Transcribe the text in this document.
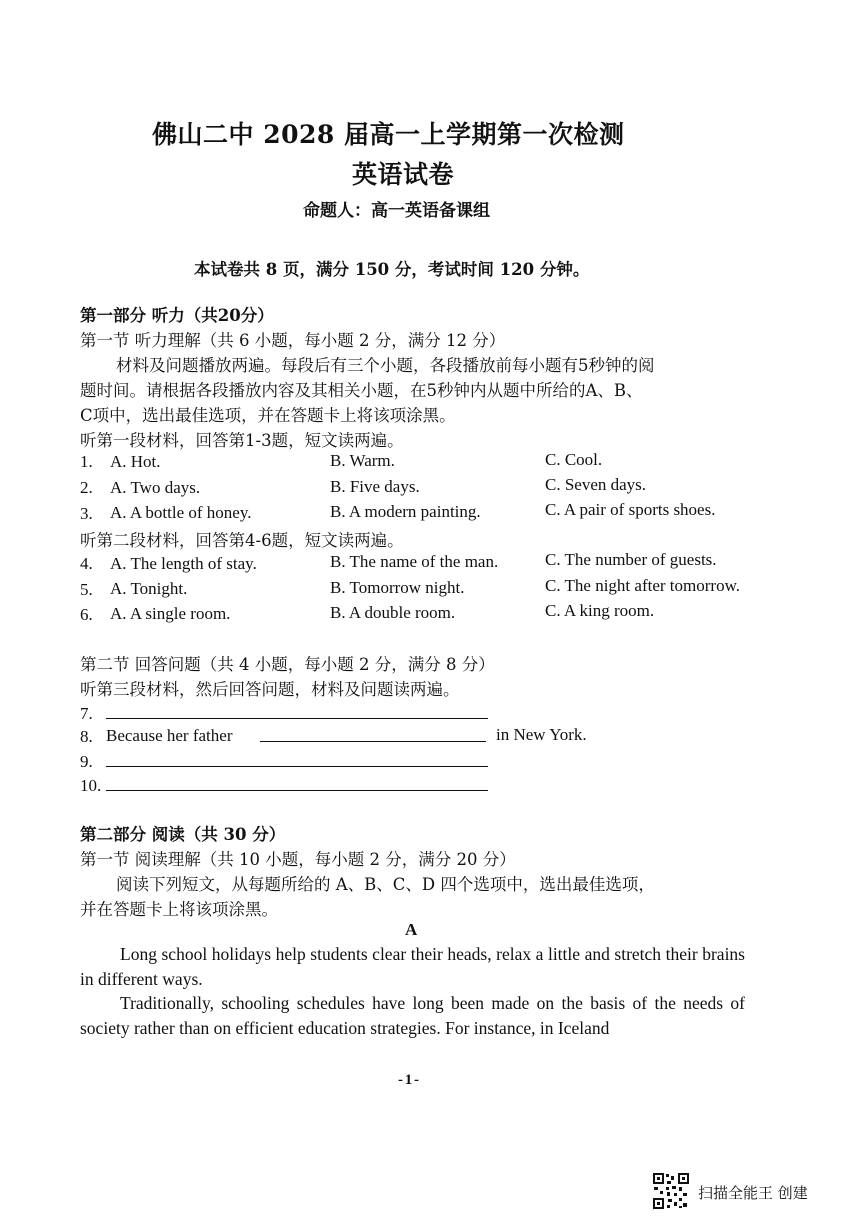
佛山二中 2028 届高一上学期第一次检测
英语试卷
命题人：高一英语备课组
本试卷共 8 页，满分 150 分，考试时间 120 分钟。
第一部分 听力（共20分）
第一节 听力理解（共 6 小题，每小题 2 分，满分 12 分）
材料及问题播放两遍。每段后有三个小题，各段播放前每小题有5秒钟的阅
题时间。请根据各段播放内容及其相关小题，在5秒钟内从题中所给的A、B、
C项中，选出最佳选项，并在答题卡上将该项涂黑。
听第一段材料，回答第1-3题，短文读两遍。
1. A. Hot.	B. Warm.	C. Cool.
2. A. Two days.	B. Five days.	C. Seven days.
3. A. A bottle of honey.	B. A modern painting.	C. A pair of sports shoes.
听第二段材料，回答第4-6题，短文读两遍。
4. A. The length of stay.	B. The name of the man.	C. The number of guests.
5. A. Tonight.	B. Tomorrow night.	C. The night after tomorrow.
6. A. A single room.	B. A double room.	C. A king room.
第二节 回答问题（共 4 小题，每小题 2 分，满分 8 分）
听第三段材料，然后回答问题，材料及问题读两遍。
7.
8. Because her father	in New York.
9.
10.
第二部分 阅读（共 30 分）
第一节 阅读理解（共 10 小题，每小题 2 分，满分 20 分）
阅读下列短文，从每题所给的 A、B、C、D 四个选项中，选出最佳选项，
并在答题卡上将该项涂黑。
A
Long school holidays help students clear their heads, relax a little and stretch their brains in different ways.
Traditionally, schooling schedules have long been made on the basis of the needs of society rather than on efficient education strategies. For instance, in Iceland
- 1 -
扫描全能王 创建
